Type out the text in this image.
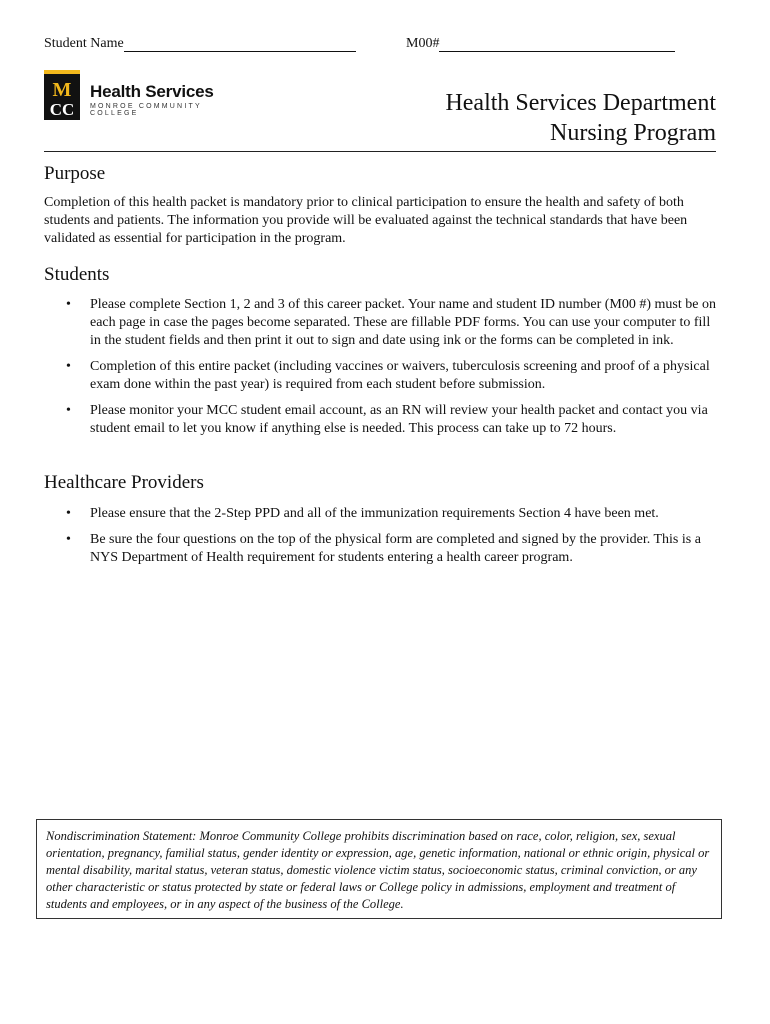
Student Name	M00#
M
CC
Health Services
MONROE COMMUNITY COLLEGE	Health Services Department
Nursing Program
Purpose

Completion of this health packet is mandatory prior to clinical participation to ensure the health and safety of both students and patients. The information you provide will be evaluated against the technical standards that have been validated as essential for participation in the program.

Students
• Please complete Section 1, 2 and 3 of this career packet. Your name and student ID number (M00 #) must be on each page in case the pages become separated. These are fillable PDF forms. You can use your computer to fill in the student fields and then print it out to sign and date using ink or the forms can be completed in ink.
• Completion of this entire packet (including vaccines or waivers, tuberculosis screening and proof of a physical exam done within the past year) is required from each student before submission.
• Please monitor your MCC student email account, as an RN will review your health packet and contact you via student email to let you know if anything else is needed. This process can take up to 72 hours.
Healthcare Providers
• Please ensure that the 2-Step PPD and all of the immunization requirements Section 4 have been met.
• Be sure the four questions on the top of the physical form are completed and signed by the provider. This is a NYS Department of Health requirement for students entering a health career program.
Nondiscrimination Statement: Monroe Community College prohibits discrimination based on race, color, religion, sex, sexual orientation, pregnancy, familial status, gender identity or expression, age, genetic information, national or ethnic origin, physical or mental disability, marital status, veteran status, domestic violence victim status, socioeconomic status, criminal conviction, or any other characteristic or status protected by state or federal laws or College policy in admissions, employment and treatment of students and employees, or in any aspect of the business of the College.
